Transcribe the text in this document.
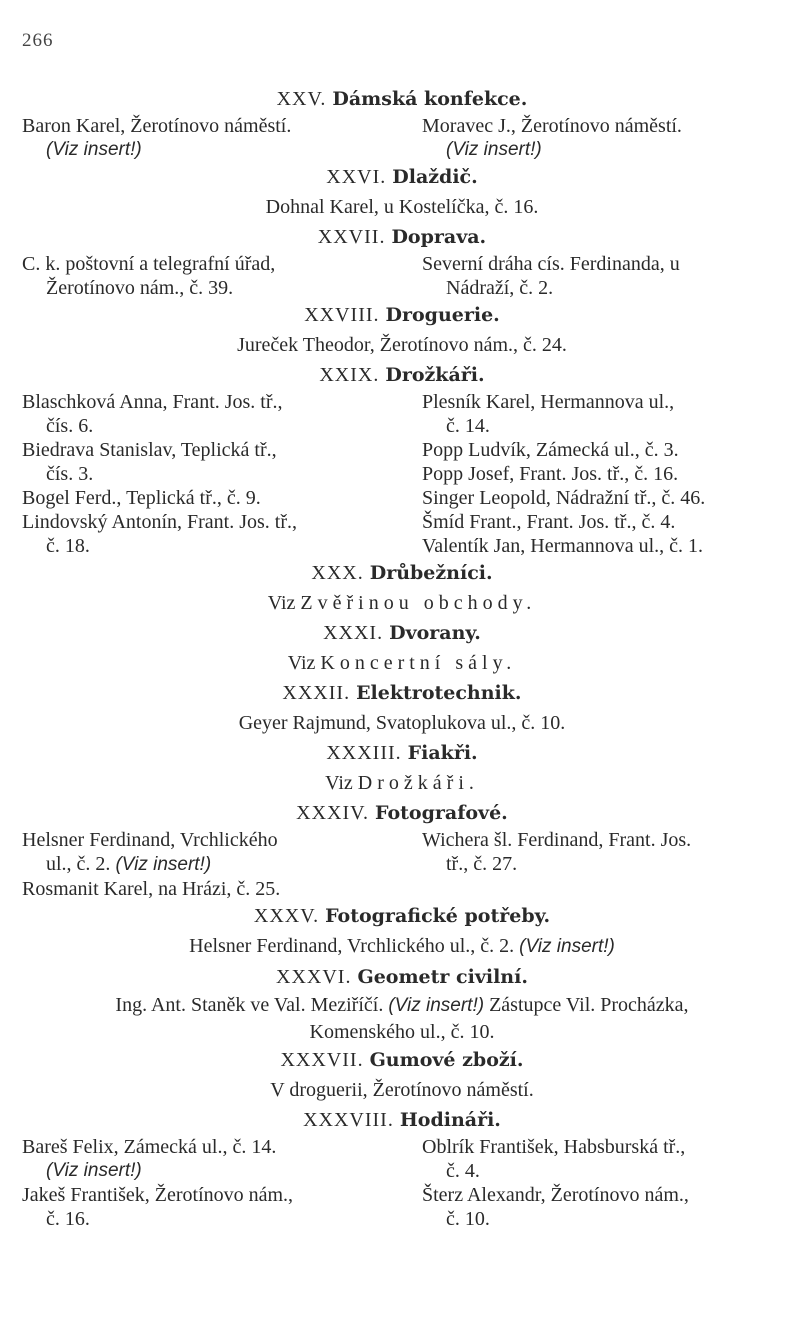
266
XXV. Dámská konfekce.

Baron Karel, Žerotínovo náměstí.

(Viz insert!)

Moravec J., Žerotínovo náměstí.

(Viz insert!)

XXVI. Dlaždič.
Dohnal Karel, u Kostelíčka, č. 16.
XXVII. Doprava.

C. k. poštovní a telegrafní úřad,

Žerotínovo nám., č. 39.

Severní dráha cís. Ferdinanda, u

Nádraží, č. 2.

XXVIII. Droguerie.
Jureček Theodor, Žerotínovo nám., č. 24.
XXIX. Drožkáři.

Blaschková Anna, Frant. Jos. tř.,

čís. 6.

Biedrava Stanislav, Teplická tř.,

čís. 3.

Bogel Ferd., Teplická tř., č. 9.

Lindovský Antonín, Frant. Jos. tř.,

č. 18.

Plesník Karel, Hermannova ul.,

č. 14.

Popp Ludvík, Zámecká ul., č. 3.

Popp Josef, Frant. Jos. tř., č. 16.

Singer Leopold, Nádražní tř., č. 46.

Šmíd Frant., Frant. Jos. tř., č. 4.

Valentík Jan, Hermannova ul., č. 1.

XXX. Drůbežníci.
Viz Zvěřinou obchody.
XXXI. Dvorany.
Viz Koncertní sály.
XXXII. Elektrotechnik.
Geyer Rajmund, Svatoplukova ul., č. 10.
XXXIII. Fiakři.
Viz Drožkáři.
XXXIV. Fotografové.

Helsner Ferdinand, Vrchlického

ul., č. 2. (Viz insert!)

Rosmanit Karel, na Hrázi, č. 25.

Wichera šl. Ferdinand, Frant. Jos.

tř., č. 27.

XXXV. Fotografické potřeby.
Helsner Ferdinand, Vrchlického ul., č. 2. (Viz insert!)
XXXVI. Geometr civilní.
Ing. Ant. Staněk ve Val. Meziříčí. (Viz insert!) Zástupce Vil. Procházka,
Komenského ul., č. 10.
XXXVII. Gumové zboží.
V droguerii, Žerotínovo náměstí.
XXXVIII. Hodináři.

Bareš Felix, Zámecká ul., č. 14.

(Viz insert!)

Jakeš František, Žerotínovo nám.,

č. 16.

Oblrík František, Habsburská tř.,

č. 4.

Šterz Alexandr, Žerotínovo nám.,

č. 10.
